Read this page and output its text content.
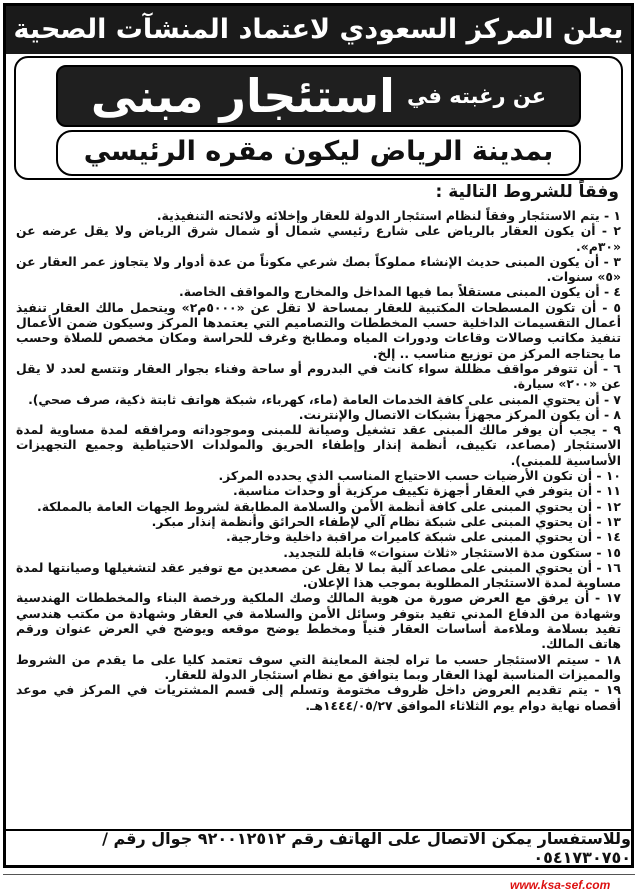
يعلن المركز السعودي لاعتماد المنشآت الصحية
عن رغبته في
استئجار مبنى
بمدينة الرياض ليكون مقره الرئيسي
وفقاً للشروط التالية :
١ - يتم الاستئجار وفقاً لنظام استئجار الدولة للعقار وإخلائه ولائحته التنفيذية.
٢ - أن يكون العقار بالرياض على شارع رئيسي شمال أو شمال شرق الرياض ولا يقل عرضه عن «٣٠م».
٣ - أن يكون المبنى حديث الإنشاء مملوكاً بصك شرعي مكوناً من عدة أدوار ولا يتجاوز عمر العقار عن «٥» سنوات.
٤ - أن يكون المبنى مستقلاً بما فيها المداخل والمخارج والمواقف الخاصة.
٥ - أن تكون المسطحات المكتبية للعقار بمساحة لا تقل عن «٥٠٠٠م٢» ويتحمل مالك العقار تنفيذ أعمال التقسيمات الداخلية حسب المخططات والتصاميم التي يعتمدها المركز وسيكون ضمن الأعمال تنفيذ مكاتب وصالات وقاعات ودورات المياه ومطابخ وغرف للحراسة ومكان مخصص للصلاة وحسب ما يحتاجه المركز من توزيع مناسب .. إلخ.
٦ - أن تتوفر مواقف مظللة سواء كانت في البدروم أو ساحة وفناء بجوار العقار وتتسع لعدد لا يقل عن «٢٠٠» سيارة.
٧ - أن يحتوي المبنى على كافة الخدمات العامة (ماء، كهرباء، شبكة هواتف ثابتة ذكية، صرف صحي).
٨ - أن يكون المركز مجهزاً بشبكات الاتصال والإنترنت.
٩ - يجب أن يوفر مالك المبنى عقد تشغيل وصيانة للمبنى وموجوداته ومرافقه لمدة مساوية لمدة الاستئجار (مصاعد، تكييف، أنظمة إنذار وإطفاء الحريق والمولدات الاحتياطية وجميع التجهيزات الأساسية للمبنى).
١٠ - أن تكون الأرضيات حسب الاحتياج المناسب الذي يحدده المركز.
١١ - أن يتوفر في العقار أجهزة تكييف مركزية أو وحدات مناسبة.
١٢ - أن يحتوي المبنى على كافة أنظمة الأمن والسلامة المطابقة لشروط الجهات العامة بالمملكة.
١٣ - أن يحتوي المبنى على شبكة نظام آلي لإطفاء الحرائق وأنظمة إنذار مبكر.
١٤ - أن يحتوي المبنى على شبكة كاميرات مراقبة داخلية وخارجية.
١٥ - ستكون مدة الاستئجار «ثلاث سنوات» قابلة للتجديد.
١٦ - أن يحتوي المبنى على مصاعد آلية بما لا يقل عن مصعدين مع توفير عقد لتشغيلها وصيانتها لمدة مساوية لمدة الاستئجار المطلوبة بموجب هذا الإعلان.
١٧ - أن يرفق مع العرض صورة من هوية المالك وصك الملكية ورخصة البناء والمخططات الهندسية وشهادة من الدفاع المدني تفيد بتوفر وسائل الأمن والسلامة في العقار وشهادة من مكتب هندسي تفيد بسلامة وملاءمة أساسات العقار فنياً ومخطط يوضح موقعه ويوضح في العرض عنوان ورقم هاتف المالك.
١٨ - سيتم الاستئجار حسب ما تراه لجنة المعاينة التي سوف تعتمد كليا على ما يقدم من الشروط والمميزات المناسبة لهذا العقار وبما يتوافق مع نظام استئجار الدولة للعقار.
١٩ - يتم تقديم العروض داخل ظروف مختومة وتسلم إلى قسم المشتريات في المركز في موعد أقصاه نهاية دوام يوم الثلاثاء الموافق ١٤٤٤/٠٥/٢٧هـ.
وللاستفسار يمكن الاتصال على الهاتف رقم ٩٢٠٠١٢٥١٢ جوال رقم / ٠٥٤١٧٣٠٧٥٠
www.ksa-sef.com
